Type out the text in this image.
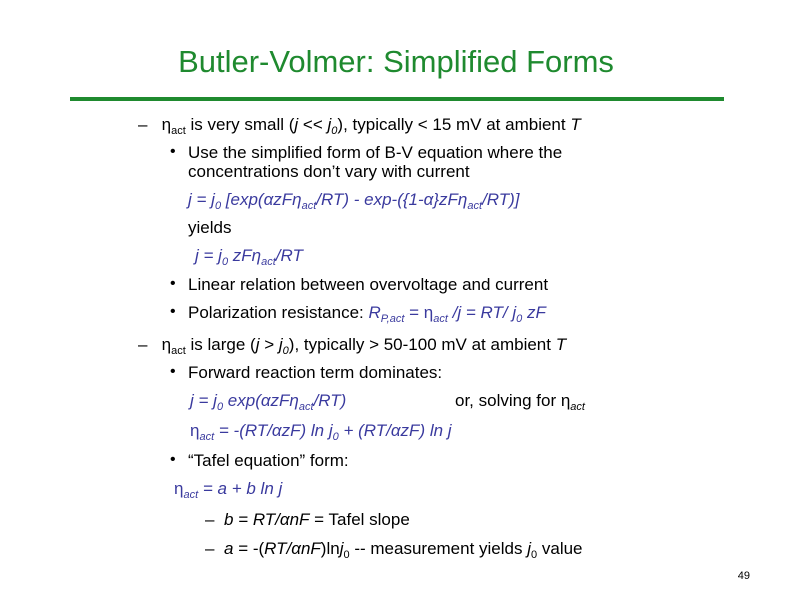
Butler-Volmer: Simplified Forms
– $\eta_{act}$ is very small $(j << j_0)$, typically < 15 mV at ambient T
• Use the simplified form of B-V equation where the
concentrations don’t vary with current
$j = j_0$ [exp(αzFη$_{act}$/RT) - exp-({1-α}zFη$_{act}$/RT)]
yields
$j = j_0$ zFη$_{act}$/RT
• Linear relation between overvoltage and current
• Polarization resistance: $R_{P,act} = \eta_{act}$ /j = RT/ $j_0$ zF
– $\eta_{act}$ is large $(j > j_0)$, typically > 50-100 mV at ambient T
• Forward reaction term dominates:
$j = j_0$ exp(αzFη$_{act}$/RT)	or, solving for $\eta_{act}$
$\eta_{act} = -(RT/\alpha zF)$ $\ln j_0 + (RT/\alpha zF)$ ln j
• “Tafel equation” form:
$\eta_{act} = a + b$ ln j
– b = RT/αnF = Tafel slope
– a = -(RT/αnF)lnj$_0$ -- measurement yields $j_0$ value
49
